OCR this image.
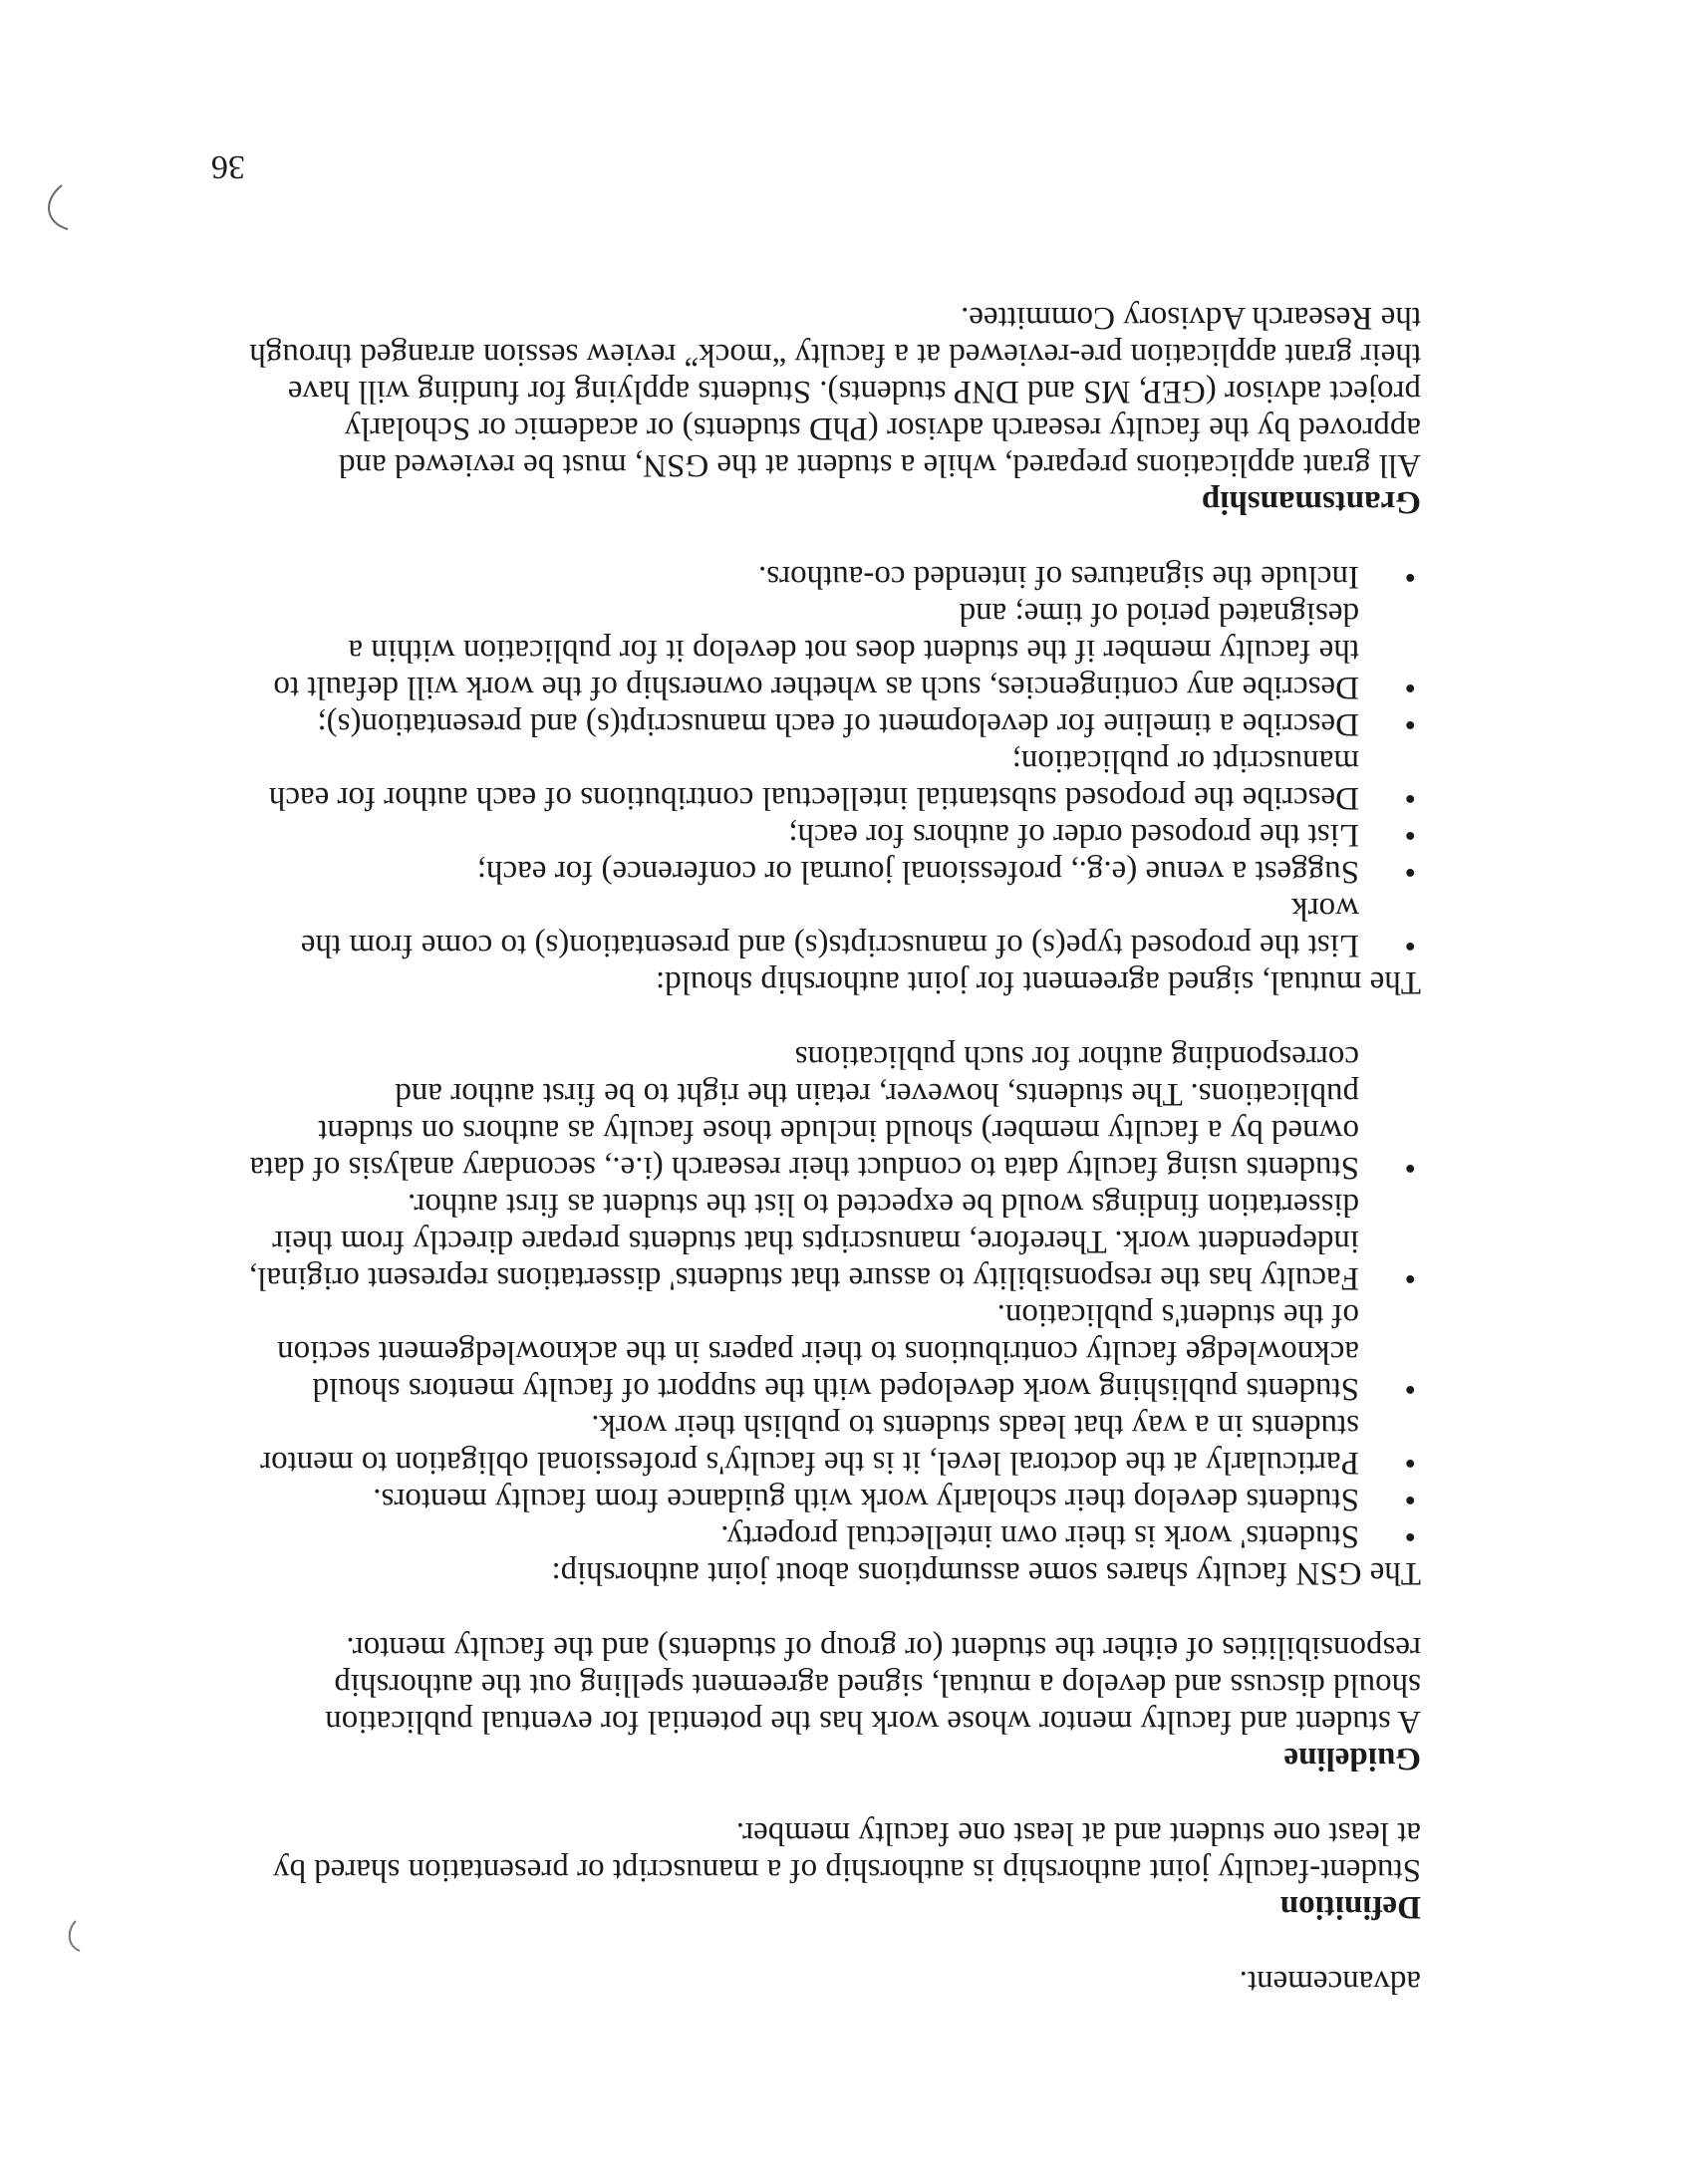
advancement.

Definition

Student-faculty joint authorship is authorship of a manuscript or presentation shared by at least one student and at least one faculty member.

Guideline

A student and faculty mentor whose work has the potential for eventual publication should discuss and develop a mutual, signed agreement spelling out the authorship responsibilities of either the student (or group of students) and the faculty mentor.

The GSN faculty shares some assumptions about joint authorship:

•
Students' work is their own intellectual property.
•
Students develop their scholarly work with guidance from faculty mentors.
•
Particularly at the doctoral level, it is the faculty's professional obligation to mentor students in a way that leads students to publish their work.
•
Students publishing work developed with the support of faculty mentors should acknowledge faculty contributions to their papers in the acknowledgement section of the student's publication.
•
Faculty has the responsibility to assure that students' dissertations represent original, independent work. Therefore, manuscripts that students prepare directly from their dissertation findings would be expected to list the student as first author.
•
Students using faculty data to conduct their research (i.e., secondary analysis of data owned by a faculty member) should include those faculty as authors on student publications. The students, however, retain the right to be first author and corresponding author for such publications

The mutual, signed agreement for joint authorship should:

•
List the proposed type(s) of manuscripts(s) and presentation(s) to come from the work
•
Suggest a venue (e.g., professional journal or conference) for each;
•
List the proposed order of authors for each;
•
Describe the proposed substantial intellectual contributions of each author for each manuscript or publication;
•
Describe a timeline for development of each manuscript(s) and presentation(s);
•
Describe any contingencies, such as whether ownership of the work will default to the faculty member if the student does not develop it for publication within a designated period of time; and
•
Include the signatures of intended co-authors.
Grantsmanship

All grant applications prepared, while a student at the GSN, must be reviewed and approved by the faculty research advisor (PhD students) or academic or Scholarly project advisor (GEP, MS and DNP students). Students applying for funding will have their grant application pre-reviewed at a faculty “mock” review session arranged through the Research Advisory Committee.

36
